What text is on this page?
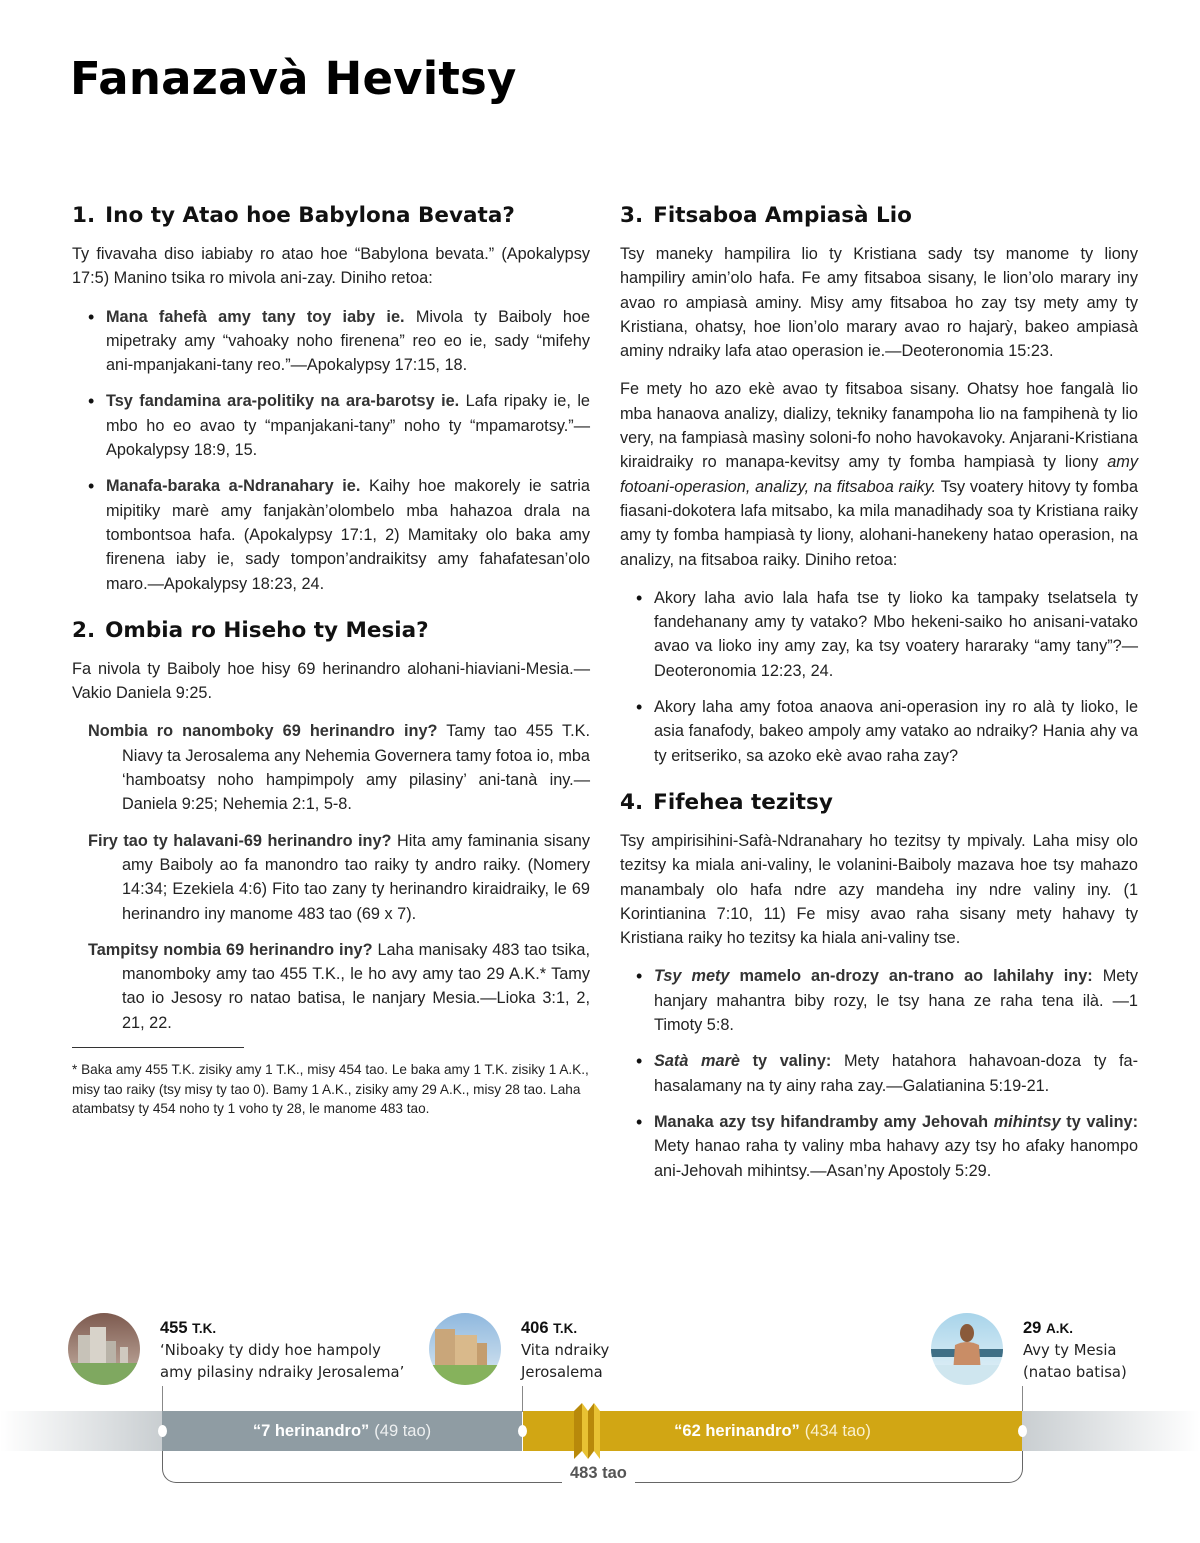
Fanazavà Hevitsy
1. Ino ty Atao hoe Babylona Bevata?

Ty fivavaha diso iabiaby ro atao hoe “Babylona bevata.” (Apokalypsy 17:5) Manino tsika ro mivola ani-zay. Diniho retoa:

• Mana fahefà amy tany toy iaby ie. Mivola ty Baiboly hoe mipetraky amy “vahoaky noho firenena” reo eo ie, sady “mifehy ani-mpanjakani-tany reo.”—Apokalypsy 17:15, 18.
• Tsy fandamina ara-politiky na ara-barotsy ie. Lafa ripaky ie, le mbo ho eo avao ty “mpanjakani-tany” noho ty “mpamarotsy.”—Apokalypsy 18:9, 15.
• Manafa-baraka a-Ndranahary ie. Kaihy hoe makorely ie satria mipitiky marè amy fanjakàn’olombelo mba hahazoa drala na tombontsoa hafa. (Apokalypsy 17:1, 2) Mamitaky olo baka amy firenena iaby ie, sady tompon’andraikitsy amy fahafatesan’olo maro.—Apokalypsy 18:23, 24.
2. Ombia ro Hiseho ty Mesia?

Fa nivola ty Baiboly hoe hisy 69 herinandro alohani-hiaviani-Mesia.—Vakio Daniela 9:25.

Nombia ro nanomboky 69 herinandro iny? Tamy tao 455 T.K. Niavy ta Jerosalema any Nehemia Governera tamy fotoa io, mba ‘hamboatsy noho hampimpoly amy pilasiny’ ani-tanà iny.—Daniela 9:25; Nehemia 2:1, 5-8.
Firy tao ty halavani-69 herinandro iny? Hita amy faminania sisany amy Baiboly ao fa manondro tao raiky ty andro raiky. (Nomery 14:34; Ezekiela 4:6) Fito tao zany ty herinandro kiraidraiky, le 69 herinandro iny manome 483 tao (69 x 7).
Tampitsy nombia 69 herinandro iny? Laha manisaky 483 tao tsika, manomboky amy tao 455 T.K., le ho avy amy tao 29 A.K.* Tamy tao io Jesosy ro natao batisa, le nanjary Mesia.—Lioka 3:1, 2, 21, 22.

* Baka amy 455 T.K. zisiky amy 1 T.K., misy 454 tao. Le baka amy 1 T.K. zisiky 1 A.K., misy tao raiky (tsy misy ty tao 0). Bamy 1 A.K., zisiky amy 29 A.K., misy 28 tao. Laha atambatsy ty 454 noho ty 1 voho ty 28, le manome 483 tao.

3. Fitsaboa Ampiasà Lio

Tsy maneky hampilira lio ty Kristiana sady tsy manome ty liony hampiliry amin’olo hafa. Fe amy fitsaboa sisany, le lion’olo marary iny avao ro ampiasà aminy. Misy amy fitsaboa ho zay tsy mety amy ty Kristiana, ohatsy, hoe lion’olo marary avao ro hajarỳ, bakeo ampiasà aminy ndraiky lafa atao operasion ie.—Deoteronomia 15:23.

Fe mety ho azo ekè avao ty fitsaboa sisany. Ohatsy hoe fangalà lio mba hanaova analizy, dializy, tekniky fanampoha lio na fampihenà ty lio very, na fampiasà masìny soloni-fo noho havokavoky. Anjarani-Kristiana kiraidraiky ro manapa-kevitsy amy ty fomba hampiasà ty liony amy fotoani-operasion, analizy, na fitsaboa raiky. Tsy voatery hitovy ty fomba fiasani-dokotera lafa mitsabo, ka mila manadihady soa ty Kristiana raiky amy ty fomba hampiasà ty liony, alohani-hanekeny hatao operasion, na analizy, na fitsaboa raiky. Diniho retoa:

• Akory laha avio lala hafa tse ty lioko ka tampaky tselatsela ty fandehanany amy ty vatako? Mbo hekeni-saiko ho anisani-vatako avao va lioko iny amy zay, ka tsy voatery hararaky “amy tany”?—Deoteronomia 12:23, 24.
• Akory laha amy fotoa anaova ani-operasion iny ro alà ty lioko, le asia fanafody, bakeo ampoly amy vatako ao ndraiky? Hania ahy va ty eritseriko, sa azoko ekè avao raha zay?
4. Fifehea tezitsy

Tsy ampirisihini-Safà-Ndranahary ho tezitsy ty mpivaly. Laha misy olo tezitsy ka miala ani-valiny, le volanini-Baiboly mazava hoe tsy mahazo manambaly olo hafa ndre azy mandeha iny ndre valiny iny. (1 Korintianina 7:10, 11) Fe misy avao raha sisany mety hahavy ty Kristiana raiky ho tezitsy ka hiala ani-valiny tse.

• Tsy mety mamelo an-drozy an-trano ao lahilahy iny: Mety hanjary mahantra biby rozy, le tsy hana ze raha tena ilà. —1 Timoty 5:8.
• Satà marè ty valiny: Mety hatahora hahavoan-doza ty fahasalamany na ty ainy raha zay.—Galatianina 5:19-21.
• Manaka azy tsy hifandramby amy Jehovah mihintsy ty valiny: Mety hanao raha ty valiny mba hahavy azy tsy ho afaky hanompo ani-Jehovah mihintsy.—Asan’ny Apostoly 5:29.
455 T.K.
‘Niboaky ty didy hoe hampoly
amy pilasiny ndraiky Jerosalema’
406 T.K.
Vita ndraiky
Jerosalema
29 A.K.
Avy ty Mesia
(natao batisa)
“7 herinandro” (49 tao)	“62 herinandro” (434 tao)
483 tao
